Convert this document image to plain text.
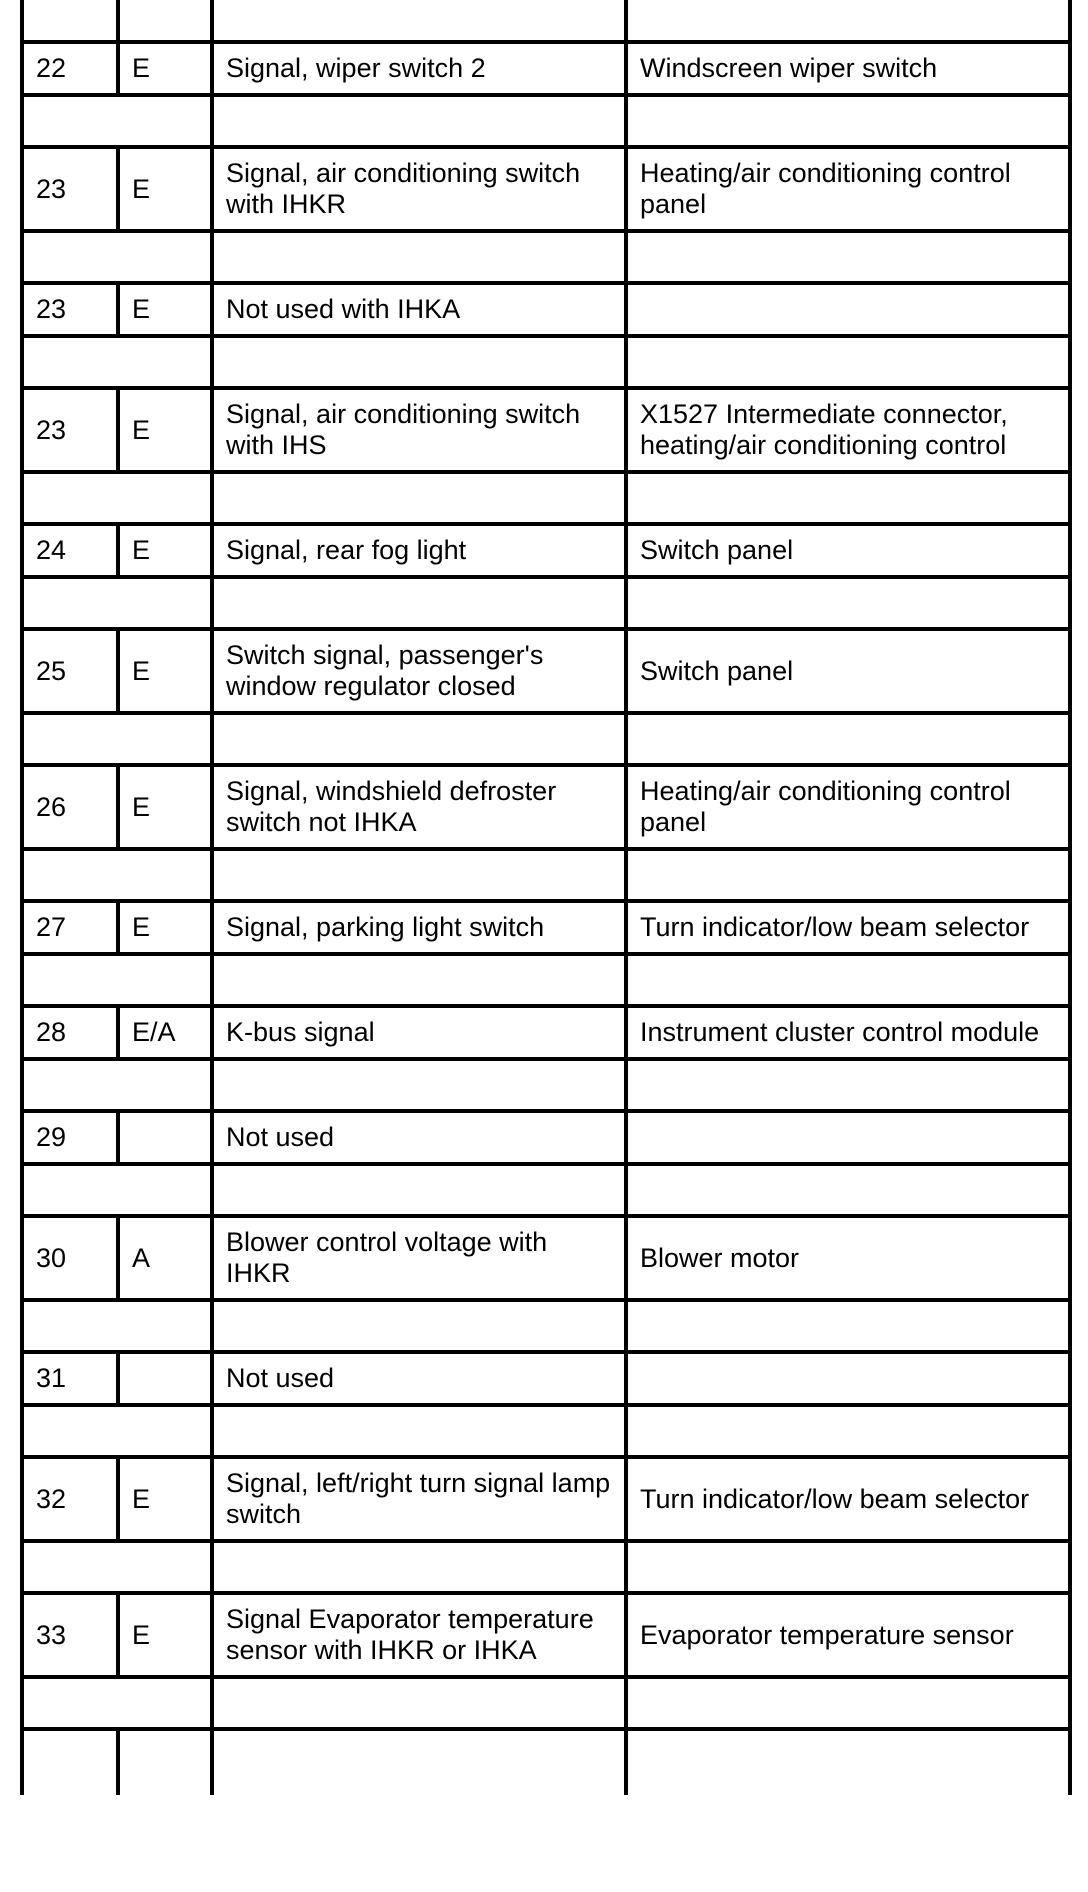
22	E	Signal, wiper switch 2	Windscreen wiper switch

23	E	Signal, air conditioning switch with IHKR	Heating/air conditioning control panel

23	E	Not used with IHKA	

23	E	Signal, air conditioning switch with IHS	X1527 Intermediate connector, heating/air conditioning control

24	E	Signal, rear fog light	Switch panel

25	E	Switch signal, passenger's window regulator closed	Switch panel

26	E	Signal, windshield defroster switch not IHKA	Heating/air conditioning control panel

27	E	Signal, parking light switch	Turn indicator/low beam selector

28	E/A	K-bus signal	Instrument cluster control module

29		Not used	

30	A	Blower control voltage with IHKR	Blower motor

31		Not used	

32	E	Signal, left/right turn signal lamp switch	Turn indicator/low beam selector

33	E	Signal Evaporator temperature sensor with IHKR or IHKA	Evaporator temperature sensor
